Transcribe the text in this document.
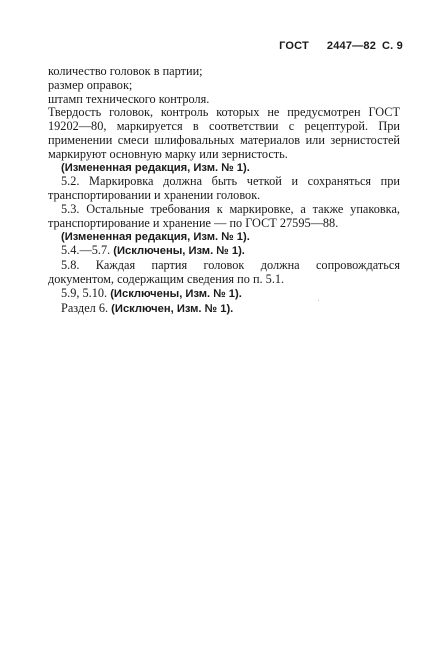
ГОСТ 2447—82 С. 9

количество головок в партии;

размер оправок;

штамп технического контроля.

Твердость головок, контроль которых не предусмотрен ГОСТ 19202—80, маркируется в соответствии с рецептурой. При применении смеси шлифовальных материалов или зернистостей маркируют основную марку или зернистость.

(Измененная редакция, Изм. № 1).

5.2. Маркировка должна быть четкой и сохраняться при транспортировании и хранении головок.

5.3. Остальные требования к маркировке, а также упаковка, транспортирование и хранение — по ГОСТ 27595—88.

(Измененная редакция, Изм. № 1).

5.4.—5.7. (Исключены, Изм. № 1).

5.8. Каждая партия головок должна сопровождаться документом, содержащим сведения по п. 5.1.

5.9, 5.10. (Исключены, Изм. № 1).

Раздел 6. (Исключен, Изм. № 1).
